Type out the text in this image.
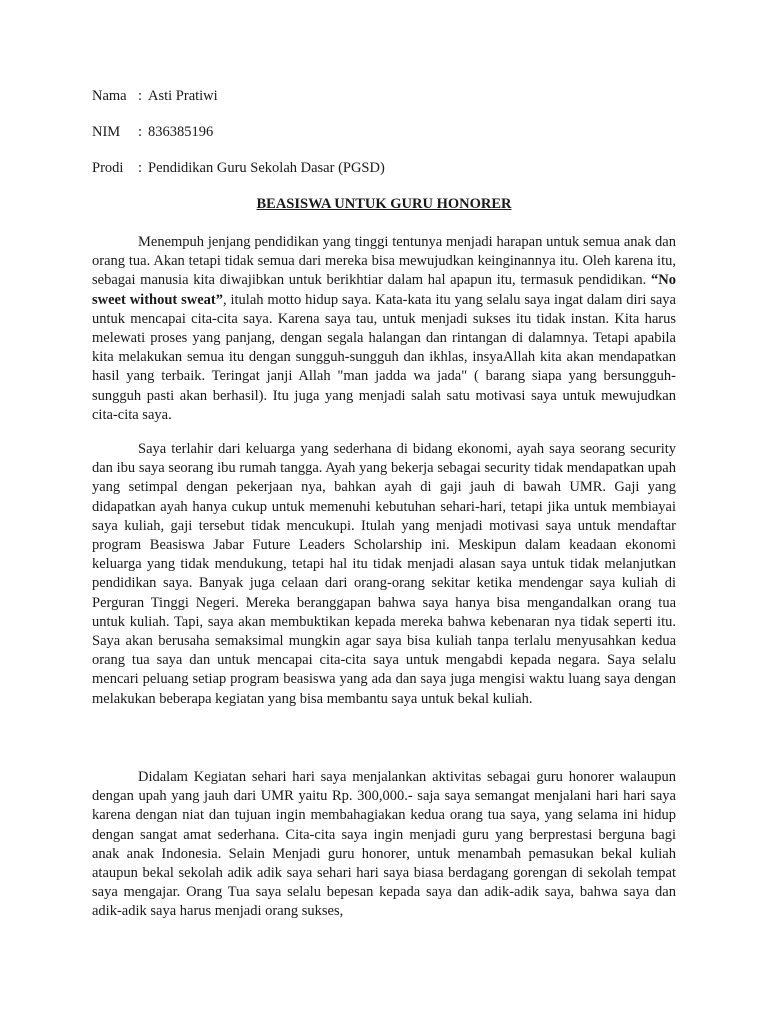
Nama : Asti Pratiwi
NIM : 836385196
Prodi : Pendidikan Guru Sekolah Dasar (PGSD)
BEASISWA UNTUK GURU HONORER

Menempuh jenjang pendidikan yang tinggi tentunya menjadi harapan untuk semua anak dan orang tua. Akan tetapi tidak semua dari mereka bisa mewujudkan keinginannya itu. Oleh karena itu, sebagai manusia kita diwajibkan untuk berikhtiar dalam hal apapun itu, termasuk pendidikan. “No sweet without sweat”, itulah motto hidup saya. Kata-kata itu yang selalu saya ingat dalam diri saya untuk mencapai cita-cita saya. Karena saya tau, untuk menjadi sukses itu tidak instan. Kita harus melewati proses yang panjang, dengan segala halangan dan rintangan di dalamnya. Tetapi apabila kita melakukan semua itu dengan sungguh-sungguh dan ikhlas, insyaAllah kita akan mendapatkan hasil yang terbaik. Teringat janji Allah "man jadda wa jada" ( barang siapa yang bersungguh-sungguh pasti akan berhasil). Itu juga yang menjadi salah satu motivasi saya untuk mewujudkan cita-cita saya.

Saya terlahir dari keluarga yang sederhana di bidang ekonomi, ayah saya seorang security dan ibu saya seorang ibu rumah tangga. Ayah yang bekerja sebagai security tidak mendapatkan upah yang setimpal dengan pekerjaan nya, bahkan ayah di gaji jauh di bawah UMR. Gaji yang didapatkan ayah hanya cukup untuk memenuhi kebutuhan sehari-hari, tetapi jika untuk membiayai saya kuliah, gaji tersebut tidak mencukupi. Itulah yang menjadi motivasi saya untuk mendaftar program Beasiswa Jabar Future Leaders Scholarship ini. Meskipun dalam keadaan ekonomi keluarga yang tidak mendukung, tetapi hal itu tidak menjadi alasan saya untuk tidak melanjutkan pendidikan saya. Banyak juga celaan dari orang-orang sekitar ketika mendengar saya kuliah di Perguran Tinggi Negeri. Mereka beranggapan bahwa saya hanya bisa mengandalkan orang tua untuk kuliah. Tapi, saya akan membuktikan kepada mereka bahwa kebenaran nya tidak seperti itu. Saya akan berusaha semaksimal mungkin agar saya bisa kuliah tanpa terlalu menyusahkan kedua orang tua saya dan untuk mencapai cita-cita saya untuk mengabdi kepada negara. Saya selalu mencari peluang setiap program beasiswa yang ada dan saya juga mengisi waktu luang saya dengan melakukan beberapa kegiatan yang bisa membantu saya untuk bekal kuliah.

Didalam Kegiatan sehari hari saya menjalankan aktivitas sebagai guru honorer walaupun dengan upah yang jauh dari UMR yaitu Rp. 300,000.- saja saya semangat menjalani hari hari saya karena dengan niat dan tujuan ingin membahagiakan kedua orang tua saya, yang selama ini hidup dengan sangat amat sederhana. Cita-cita saya ingin menjadi guru yang berprestasi berguna bagi anak anak Indonesia. Selain Menjadi guru honorer, untuk menambah pemasukan bekal kuliah ataupun bekal sekolah adik adik saya sehari hari saya biasa berdagang gorengan di sekolah tempat saya mengajar. Orang Tua saya selalu bepesan kepada saya dan adik-adik saya, bahwa saya dan adik-adik saya harus menjadi orang sukses,
